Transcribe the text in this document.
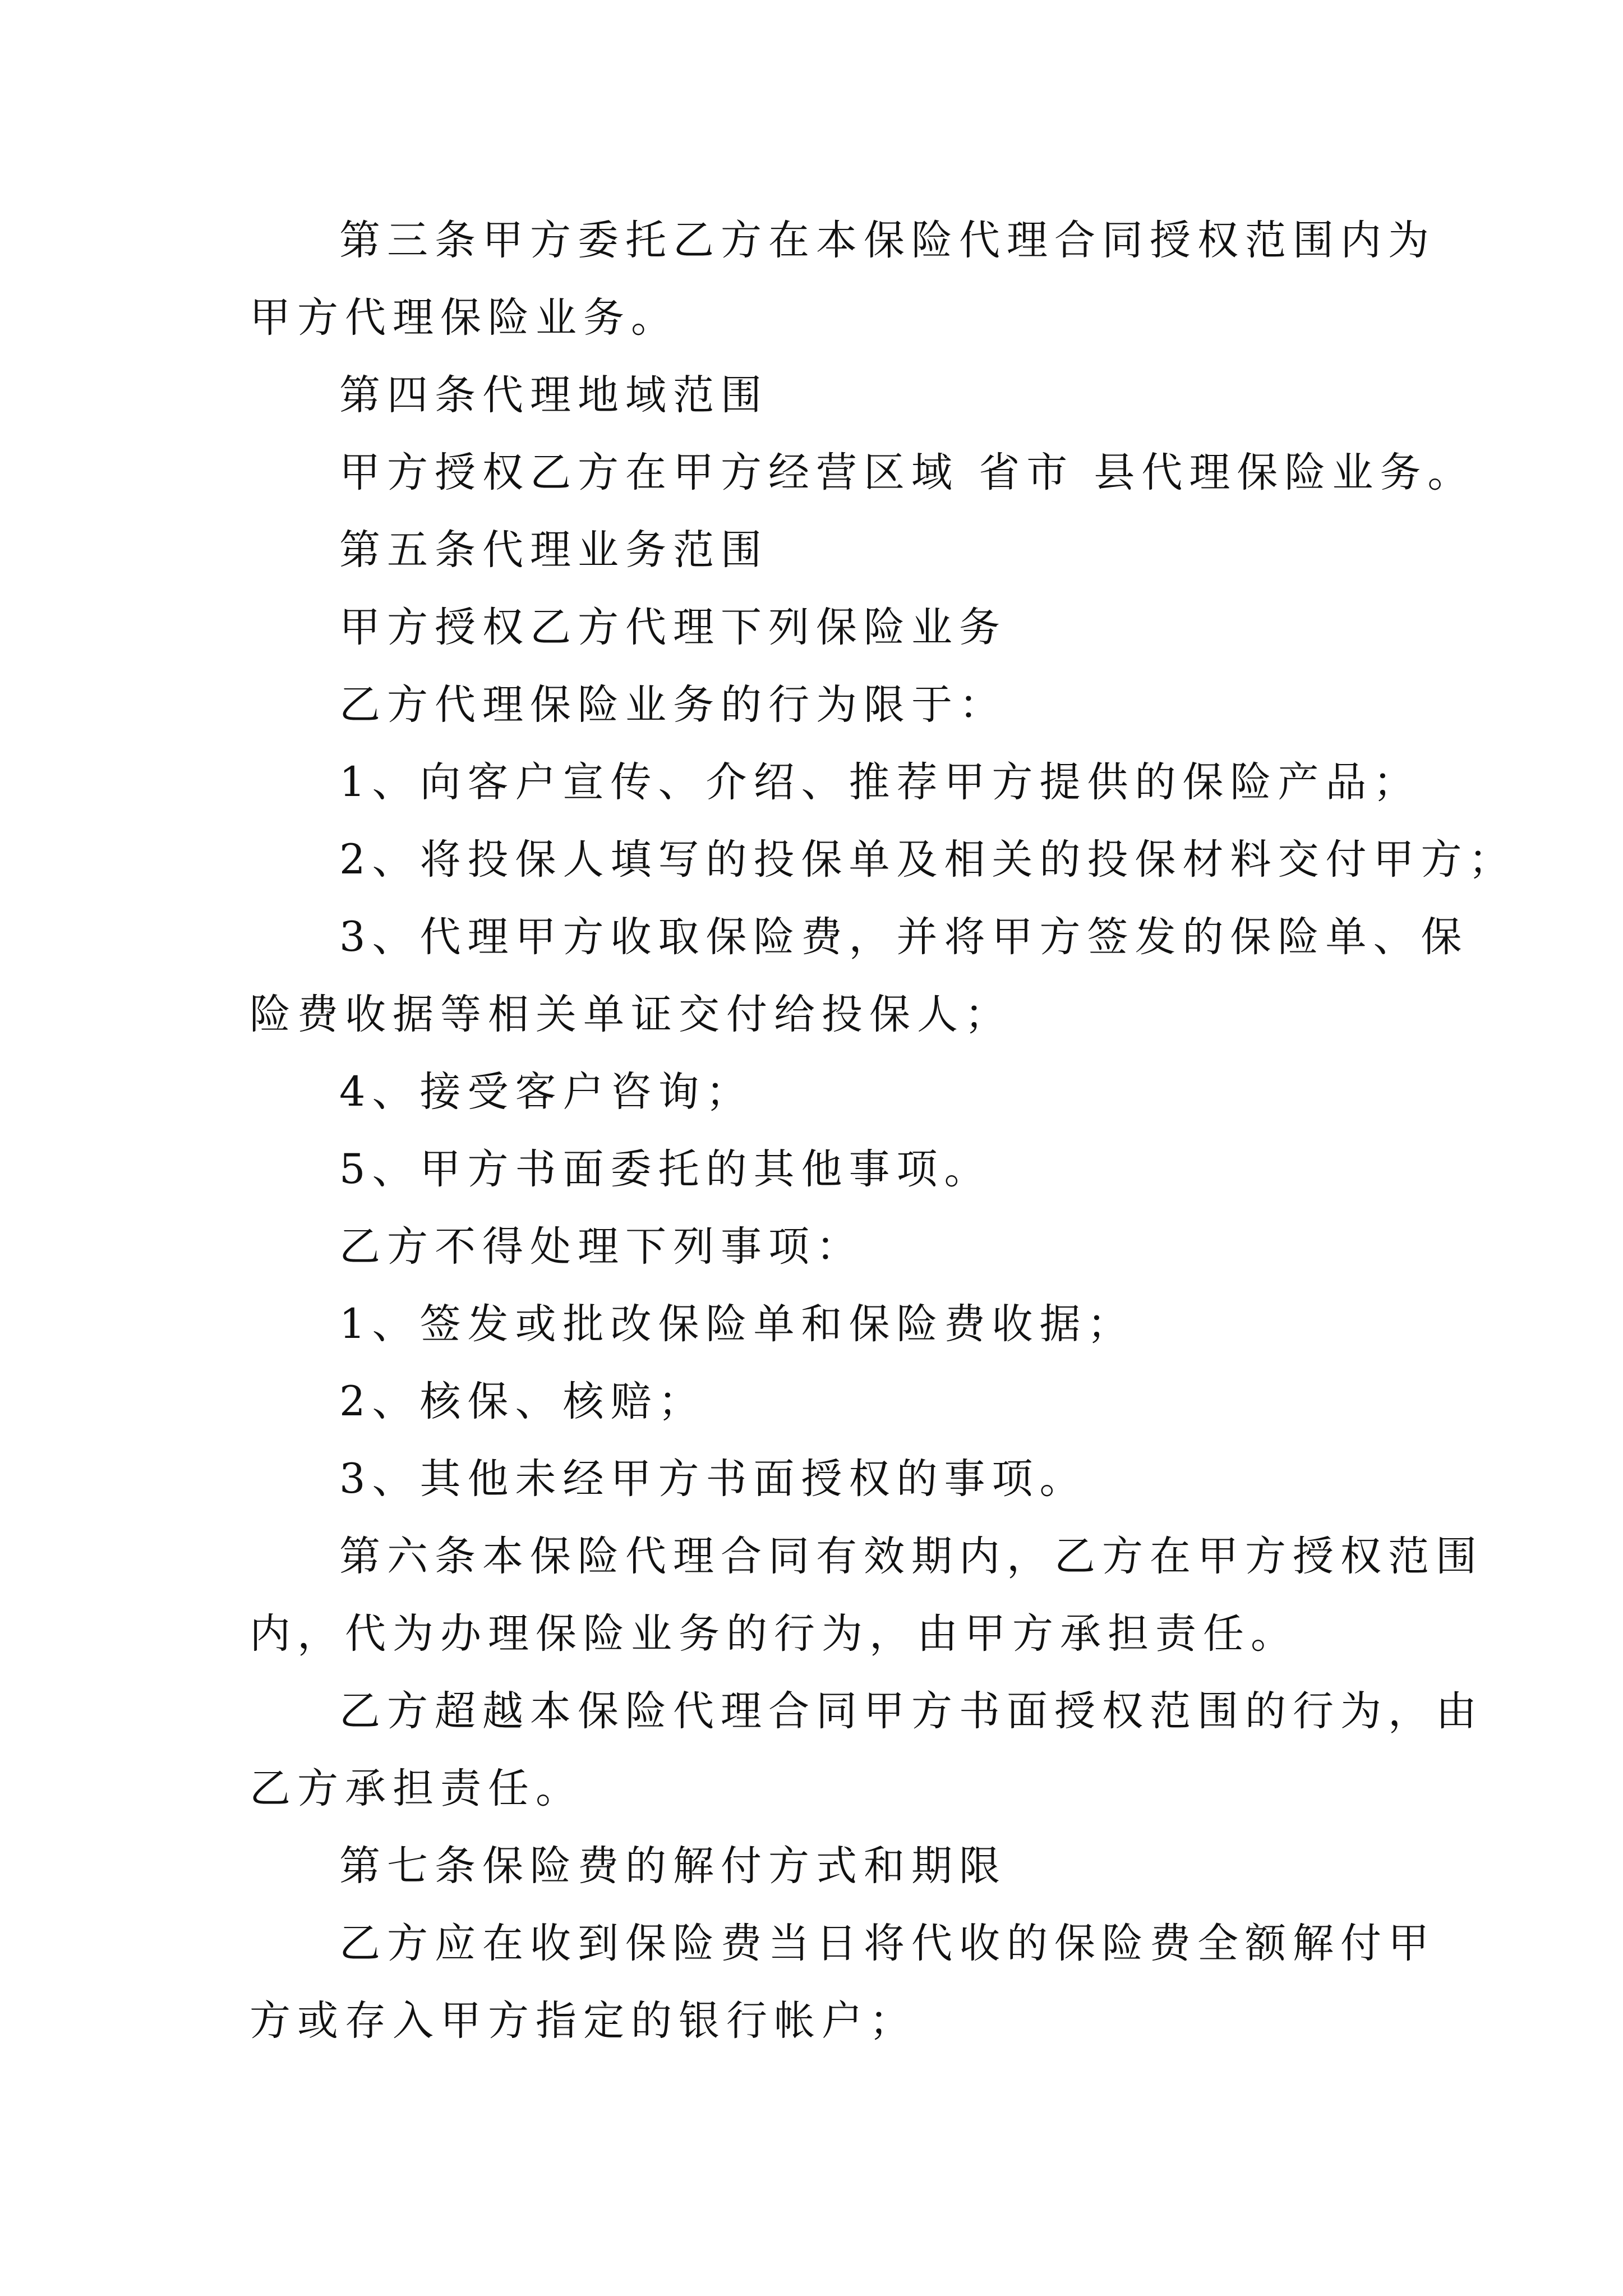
第三条甲方委托乙方在本保险代理合同授权范围内为
甲方代理保险业务。
第四条代理地域范围
甲方授权乙方在甲方经营区域 省市 县代理保险业务。
第五条代理业务范围
甲方授权乙方代理下列保险业务
乙方代理保险业务的行为限于：
1、向客户宣传、介绍、推荐甲方提供的保险产品；
2、将投保人填写的投保单及相关的投保材料交付甲方；
3、代理甲方收取保险费，并将甲方签发的保险单、保
险费收据等相关单证交付给投保人；
4、接受客户咨询；
5、甲方书面委托的其他事项。
乙方不得处理下列事项：
1、签发或批改保险单和保险费收据；
2、核保、核赔；
3、其他未经甲方书面授权的事项。
第六条本保险代理合同有效期内，乙方在甲方授权范围
内，代为办理保险业务的行为，由甲方承担责任。
乙方超越本保险代理合同甲方书面授权范围的行为，由
乙方承担责任。
第七条保险费的解付方式和期限
乙方应在收到保险费当日将代收的保险费全额解付甲
方或存入甲方指定的银行帐户；
